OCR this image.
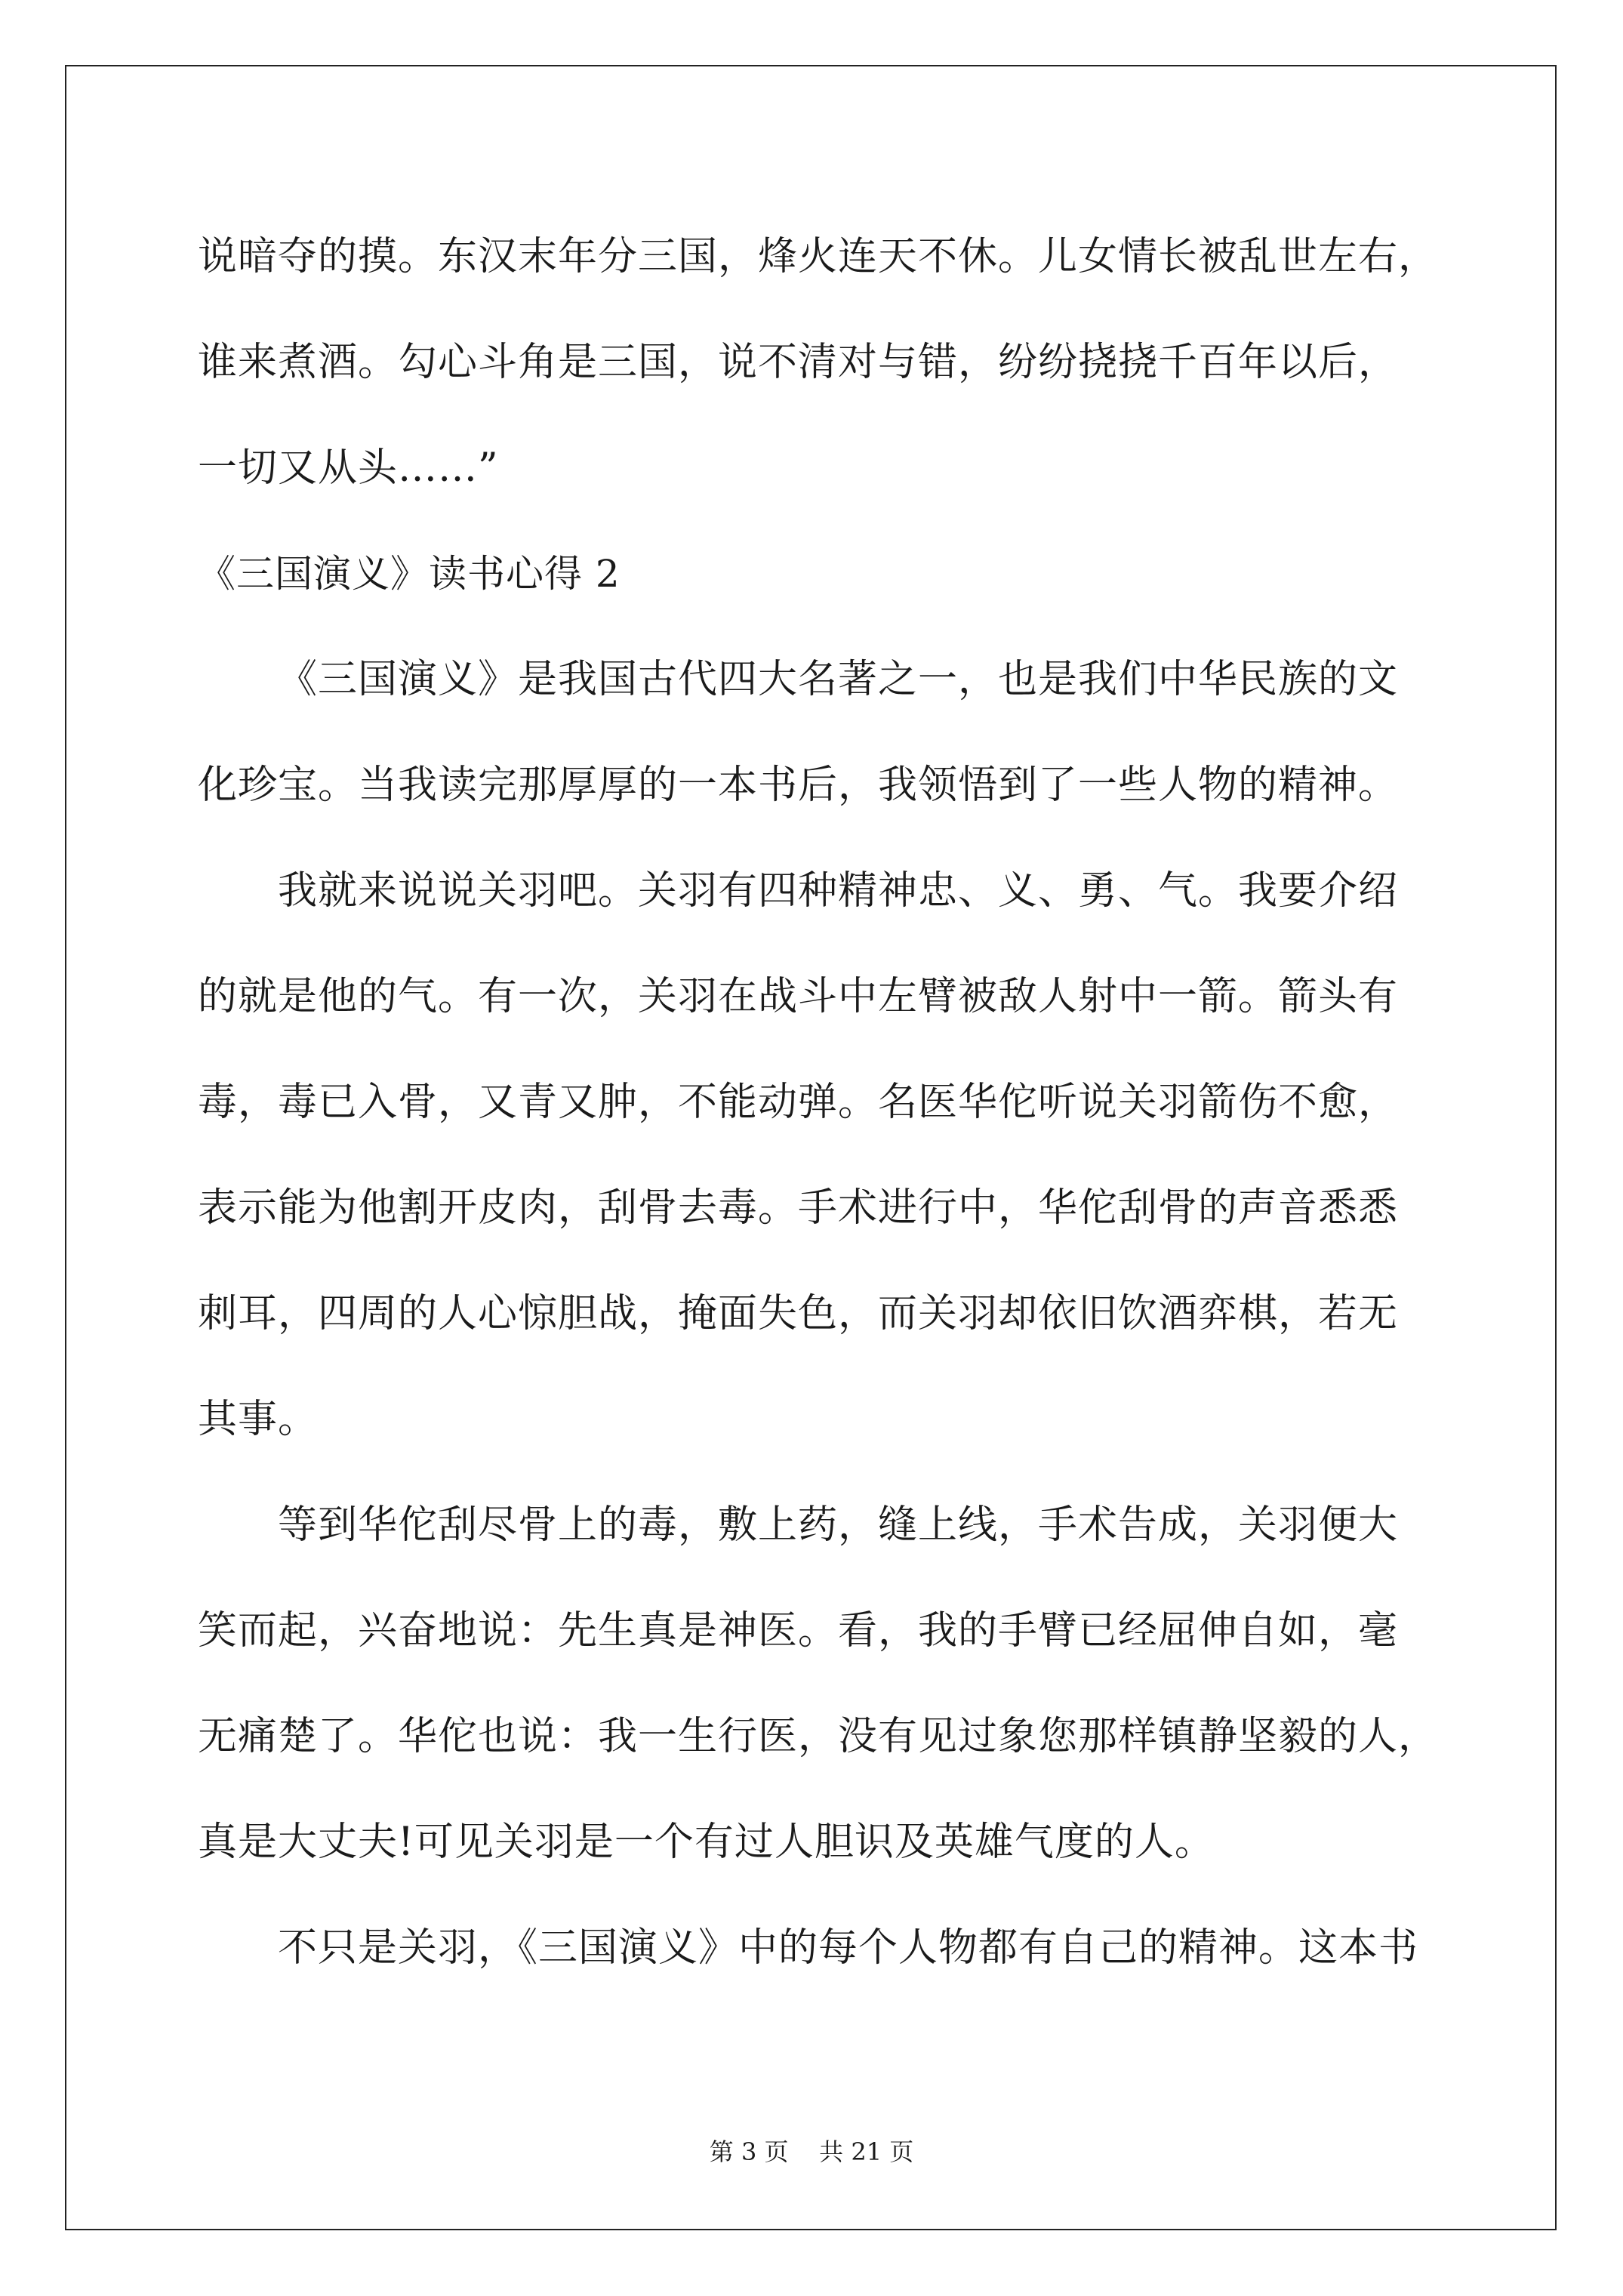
说暗夺的摸。东汉末年分三国，烽火连天不休。儿女情长被乱世左右，
谁来煮酒。勾心斗角是三国，说不清对与错，纷纷挠挠千百年以后，
一切又从头……”
《三国演义》读书心得 2
《三国演义》是我国古代四大名著之一，也是我们中华民族的文
化珍宝。当我读完那厚厚的一本书后，我领悟到了一些人物的精神。
我就来说说关羽吧。关羽有四种精神忠、义、勇、气。我要介绍
的就是他的气。有一次，关羽在战斗中左臂被敌人射中一箭。箭头有
毒，毒已入骨，又青又肿，不能动弹。名医华佗听说关羽箭伤不愈，
表示能为他割开皮肉，刮骨去毒。手术进行中，华佗刮骨的声音悉悉
刺耳，四周的人心惊胆战，掩面失色，而关羽却依旧饮酒弈棋，若无
其事。
等到华佗刮尽骨上的毒，敷上药，缝上线，手术告成，关羽便大
笑而起，兴奋地说：先生真是神医。看，我的手臂已经屈伸自如，毫
无痛楚了。华佗也说：我一生行医，没有见过象您那样镇静坚毅的人，
真是大丈夫!可见关羽是一个有过人胆识及英雄气度的人。
不只是关羽，《三国演义》中的每个人物都有自己的精神。这本书
第 3 页    共 21 页
